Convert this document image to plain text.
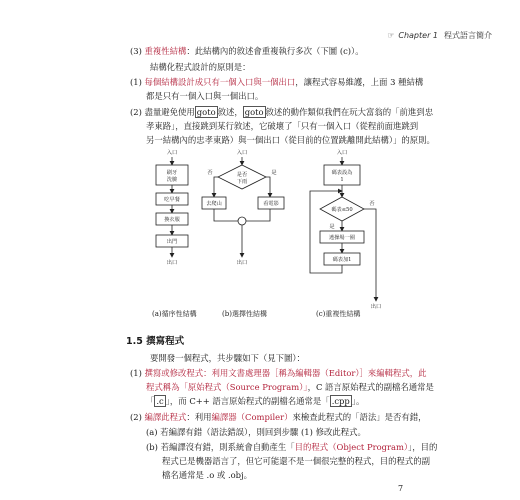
☞ Chapter 1 程式語言簡介
(3) 重複性結構：此結構內的敘述會重複執行多次（下圖 (c)）。
結構化程式設計的原則是：
(1) 每個結構設計成只有一個入口與一個出口，讓程式容易維護，上面 3 種結構
都是只有一個入口與一個出口。
(2) 盡量避免使用 goto 敘述， goto 敘述的動作類似我們在玩大富翁的「前進到忠
孝東路」，直接跳到某行敘述，它破壞了「只有一個入口（從程前面進跳到
另一結構內的忠孝東路）與一個出口（從目前的位置跳離開此結構）」的原則。
入口
刷牙
洗臉
吃早餐
換衣服
出門
出口
入口
是否
下雨
否	是
去爬山	看電影
出口
入口
碼表設為
1
碼表≤50
是
否
遶操場一圈
碼表加1
出口
(a)循序性結構	(b)選擇性結構	(c)重複性結構
1.5 撰寫程式
要開發一個程式，共步驟如下（見下圖）：
(1) 撰寫或修改程式：利用文書處理器［稱為編輯器（Editor）］來編輯程式，此
程式稱為「原始程式（Source Program）」，C 語言原始程式的副檔名通常是
「 .c 」，而 C++ 語言原始程式的副檔名通常是「 .cpp 」。
(2) 編譯此程式：利用編譯器（Compiler）來檢查此程式的「語法」是否有錯，
(a) 若編譯有錯（語法錯誤），則回到步驟 (1) 修改此程式。
(b) 若編譯沒有錯，則系統會自動產生「目的程式（Object Program）」，目的
程式已是機器語言了，但它可能還不是一個很完整的程式，目的程式的副
檔名通常是 .o 或 .obj。
7
